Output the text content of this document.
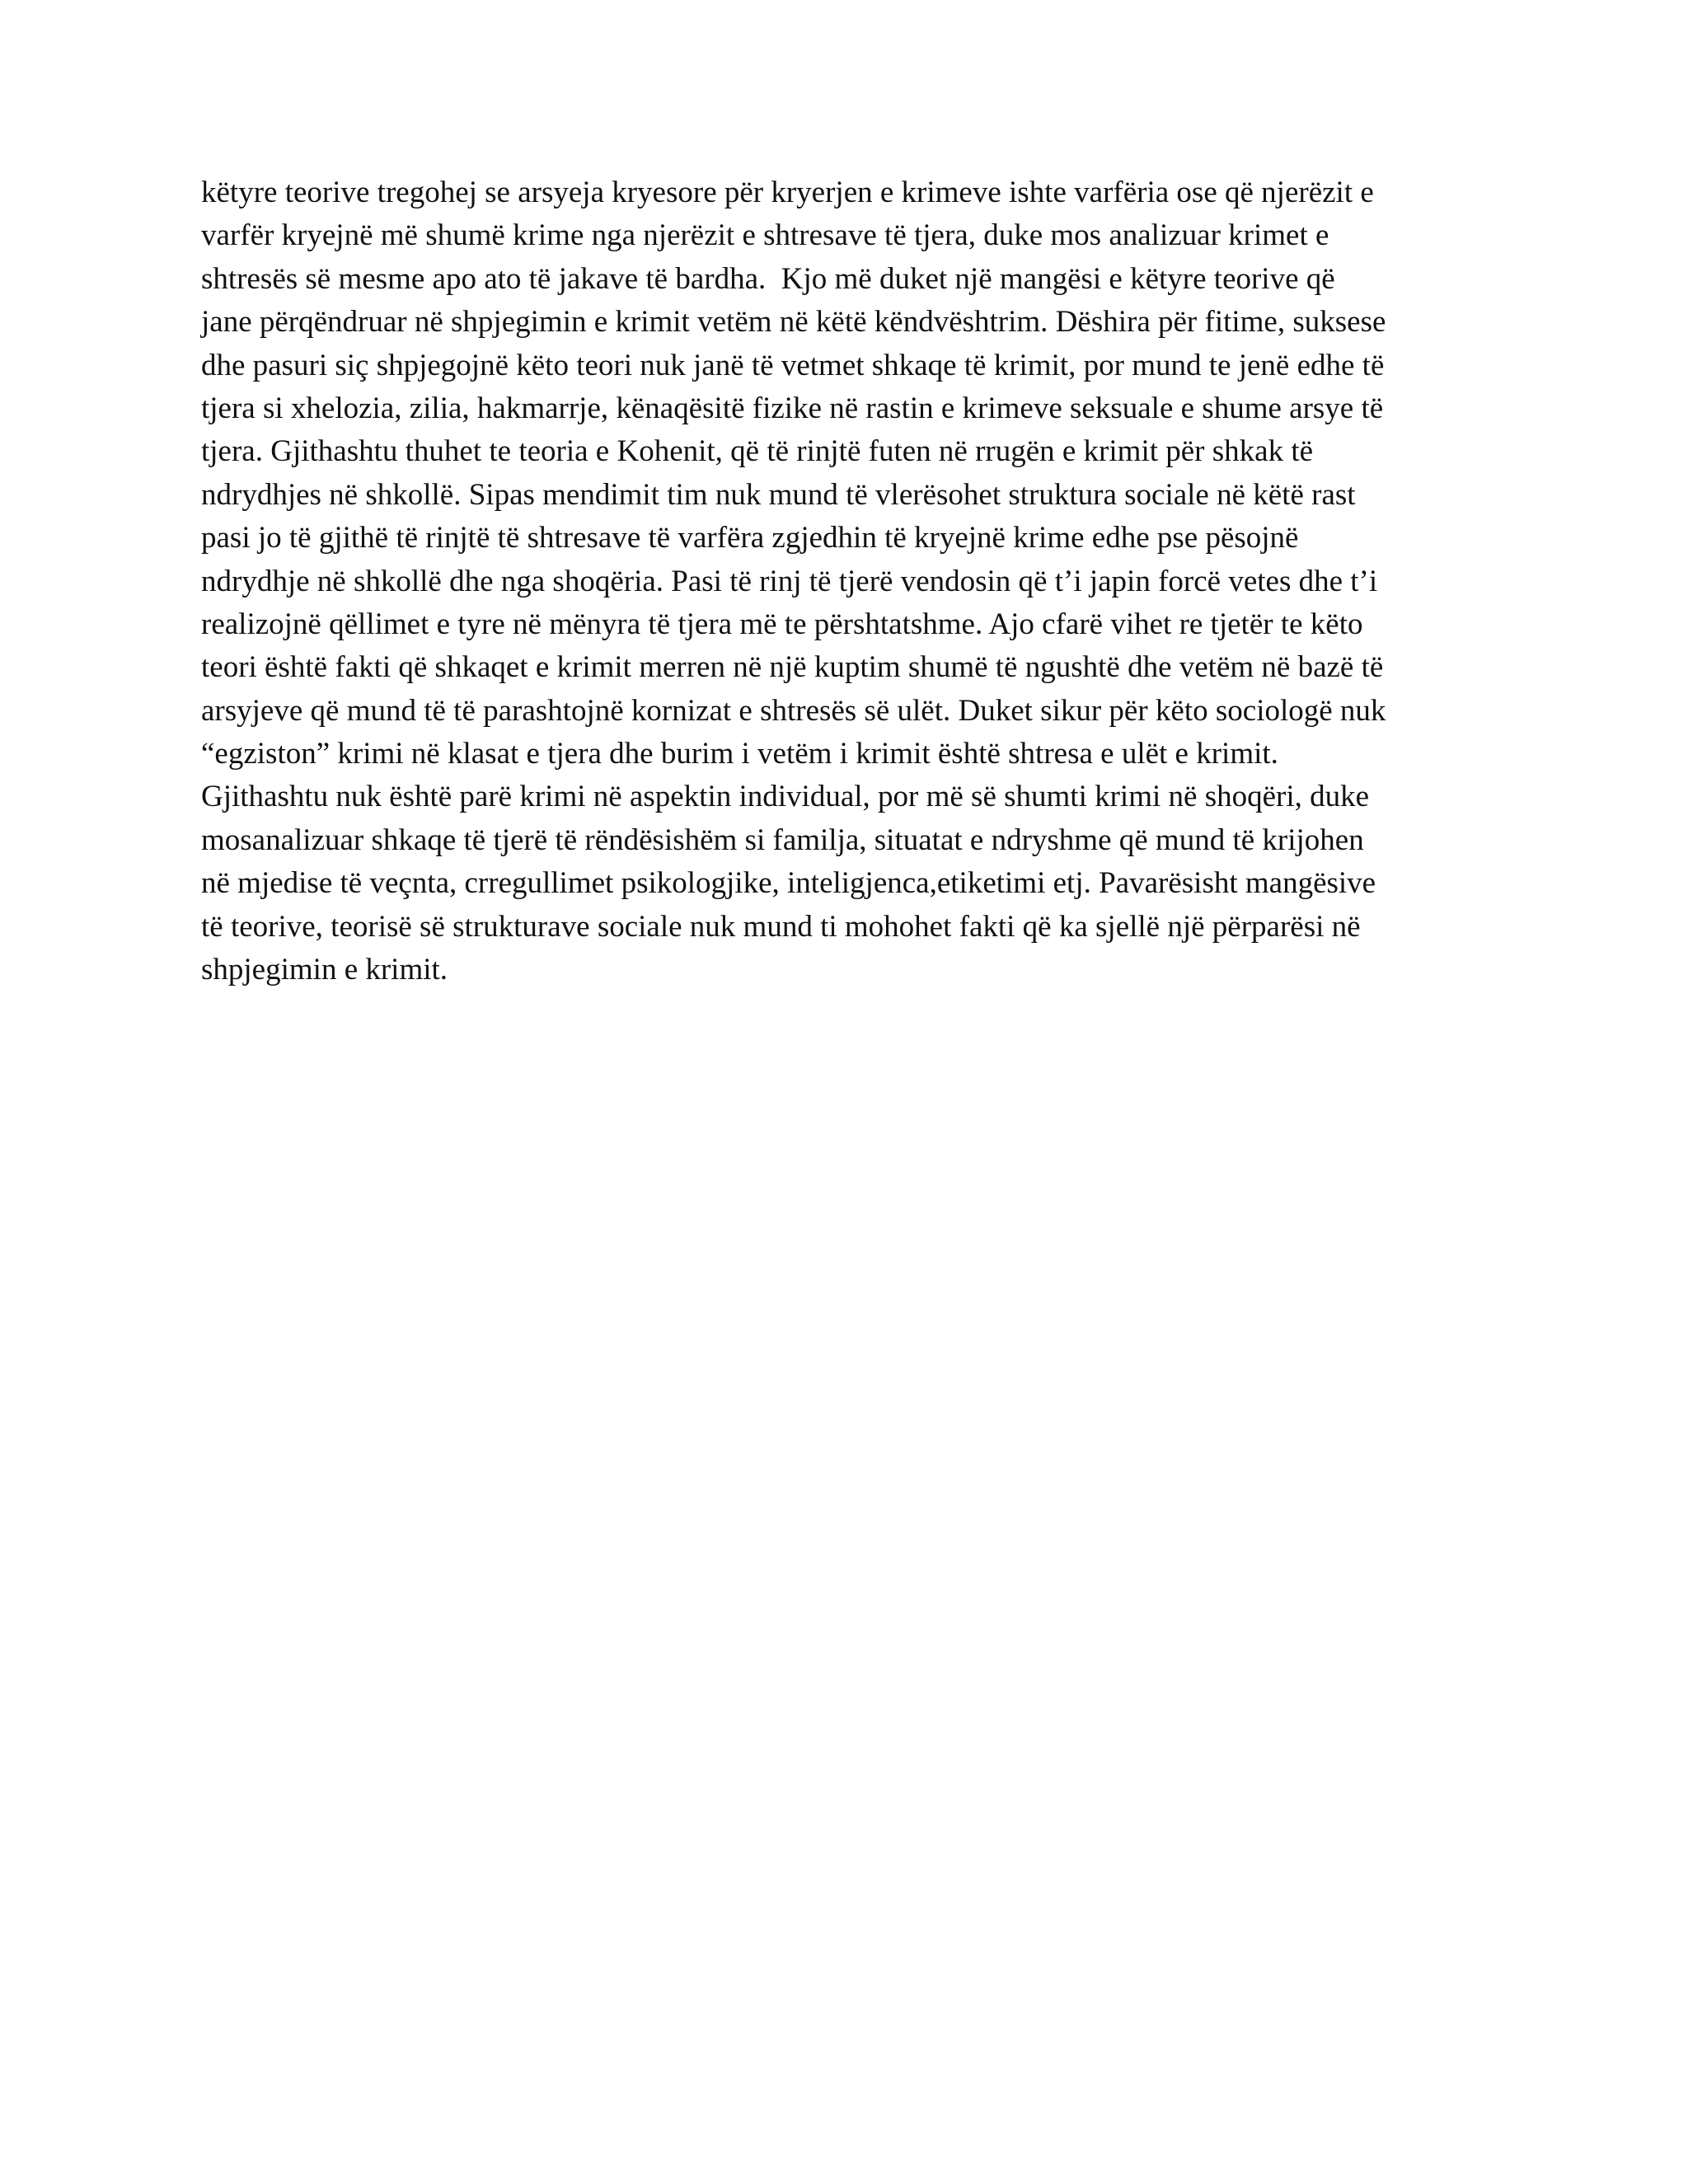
këtyre teorive tregohej se arsyeja kryesore për kryerjen e krimeve ishte varfëria ose që njerëzit e
varfër kryejnë më shumë krime nga njerëzit e shtresave të tjera, duke mos analizuar krimet e
shtresës së mesme apo ato të jakave të bardha.  Kjo më duket një mangësi e këtyre teorive që
jane përqëndruar në shpjegimin e krimit vetëm në këtë këndvështrim. Dëshira për fitime, suksese
dhe pasuri siç shpjegojnë këto teori nuk janë të vetmet shkaqe të krimit, por mund te jenë edhe të
tjera si xhelozia, zilia, hakmarrje, kënaqësitë fizike në rastin e krimeve seksuale e shume arsye të
tjera. Gjithashtu thuhet te teoria e Kohenit, që të rinjtë futen në rrugën e krimit për shkak të
ndrydhjes në shkollë. Sipas mendimit tim nuk mund të vlerësohet struktura sociale në këtë rast
pasi jo të gjithë të rinjtë të shtresave të varfëra zgjedhin të kryejnë krime edhe pse pësojnë
ndrydhje në shkollë dhe nga shoqëria. Pasi të rinj të tjerë vendosin që t’i japin forcë vetes dhe t’i
realizojnë qëllimet e tyre në mënyra të tjera më te përshtatshme. Ajo cfarë vihet re tjetër te këto
teori është fakti që shkaqet e krimit merren në një kuptim shumë të ngushtë dhe vetëm në bazë të
arsyjeve që mund të të parashtojnë kornizat e shtresës së ulët. Duket sikur për këto sociologë nuk
“egziston” krimi në klasat e tjera dhe burim i vetëm i krimit është shtresa e ulët e krimit.
Gjithashtu nuk është parë krimi në aspektin individual, por më së shumti krimi në shoqëri, duke
mosanalizuar shkaqe të tjerë të rëndësishëm si familja, situatat e ndryshme që mund të krijohen
në mjedise të veçnta, crregullimet psikologjike, inteligjenca,etiketimi etj. Pavarësisht mangësive
të teorive, teorisë së strukturave sociale nuk mund ti mohohet fakti që ka sjellë një përparësi në
shpjegimin e krimit.
